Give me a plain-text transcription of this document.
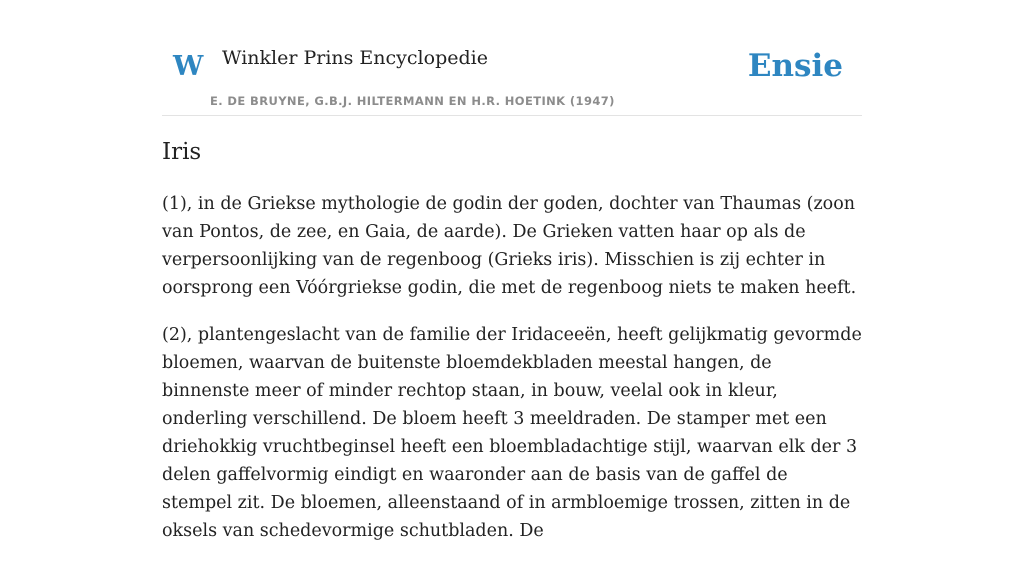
W Winkler Prins Encyclopedie
E. DE BRUYNE, G.B.J. HILTERMANN EN H.R. HOETINK (1947)
Ensie
Iris

(1), in de Griekse mythologie de godin der goden, dochter van Thaumas (zoon van Pontos, de zee, en Gaia, de aarde). De Grieken vatten haar op als de verpersoonlijking van de regenboog (Grieks iris). Misschien is zij echter in oorsprong een Vóórgriekse godin, die met de regenboog niets te maken heeft.

(2), plantengeslacht van de familie der Iridaceeën, heeft gelijkmatig gevormde bloemen, waarvan de buitenste bloemdekbladen meestal hangen, de binnenste meer of minder rechtop staan, in bouw, veelal ook in kleur, onderling verschillend. De bloem heeft 3 meeldraden. De stamper met een driehokkig vruchtbeginsel heeft een bloembladachtige stijl, waarvan elk der 3 delen gaffelvormig eindigt en waaronder aan de basis van de gaffel de stempel zit. De bloemen, alleenstaand of in armbloemige trossen, zitten in de oksels van schedevormige schutbladen. De
